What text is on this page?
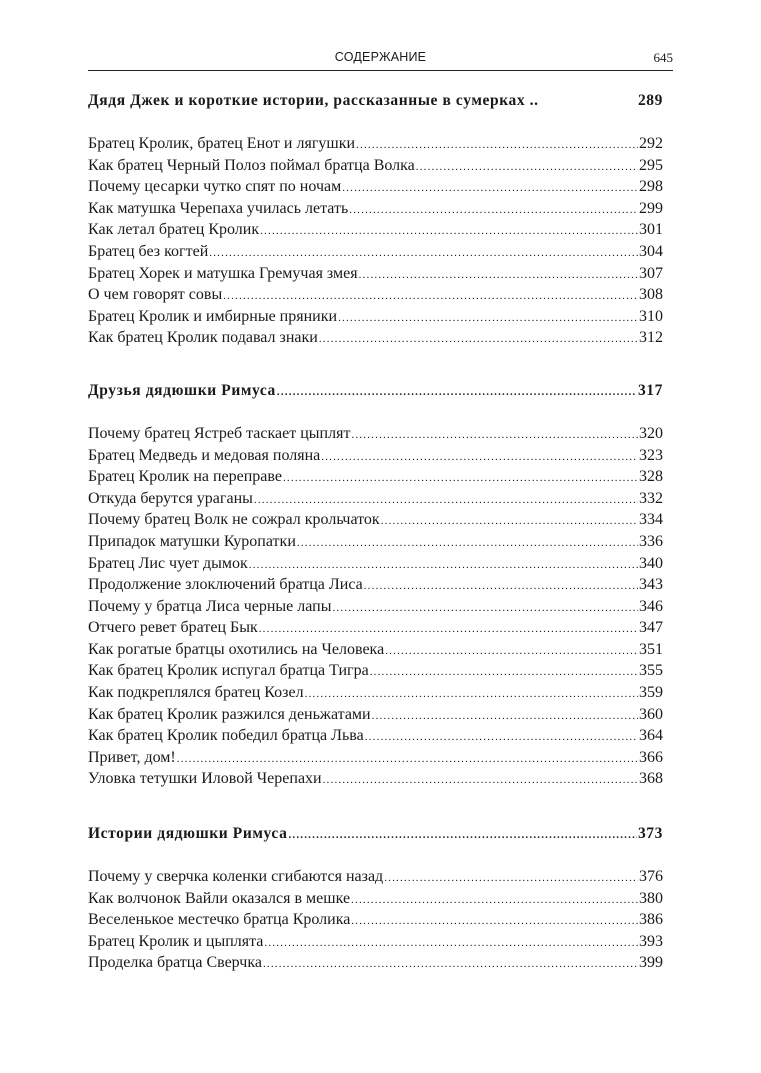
СОДЕРЖАНИЕ	645
Дядя Джек и короткие истории, рассказанные в сумерках ..	289
Братец Кролик, братец Енот и лягушки .....	292
Как братец Черный Полоз поймал братца Волка .....	295
Почему цесарки чутко спят по ночам .....	298
Как матушка Черепаха училась летать .....	299
Как летал братец Кролик .....	301
Братец без когтей .....	304
Братец Хорек и матушка Гремучая змея .....	307
О чем говорят совы .....	308
Братец Кролик и имбирные пряники .....	310
Как братец Кролик подавал знаки .....	312
Друзья дядюшки Римуса .....	317
Почему братец Ястреб таскает цыплят .....	320
Братец Медведь и медовая поляна .....	323
Братец Кролик на переправе .....	328
Откуда берутся ураганы .....	332
Почему братец Волк не сожрал крольчаток .....	334
Припадок матушки Куропатки .....	336
Братец Лис чует дымок .....	340
Продолжение злоключений братца Лиса .....	343
Почему у братца Лиса черные лапы .....	346
Отчего ревет братец Бык .....	347
Как рогатые братцы охотились на Человека .....	351
Как братец Кролик испугал братца Тигра .....	355
Как подкреплялся братец Козел .....	359
Как братец Кролик разжился деньжатами .....	360
Как братец Кролик победил братца Льва .....	364
Привет, дом! .....	366
Уловка тетушки Иловой Черепахи .....	368
Истории дядюшки Римуса .....	373
Почему у сверчка коленки сгибаются назад .....	376
Как волчонок Вайли оказался в мешке .....	380
Веселенькое местечко братца Кролика .....	386
Братец Кролик и цыплята .....	393
Проделка братца Сверчка .....	399
